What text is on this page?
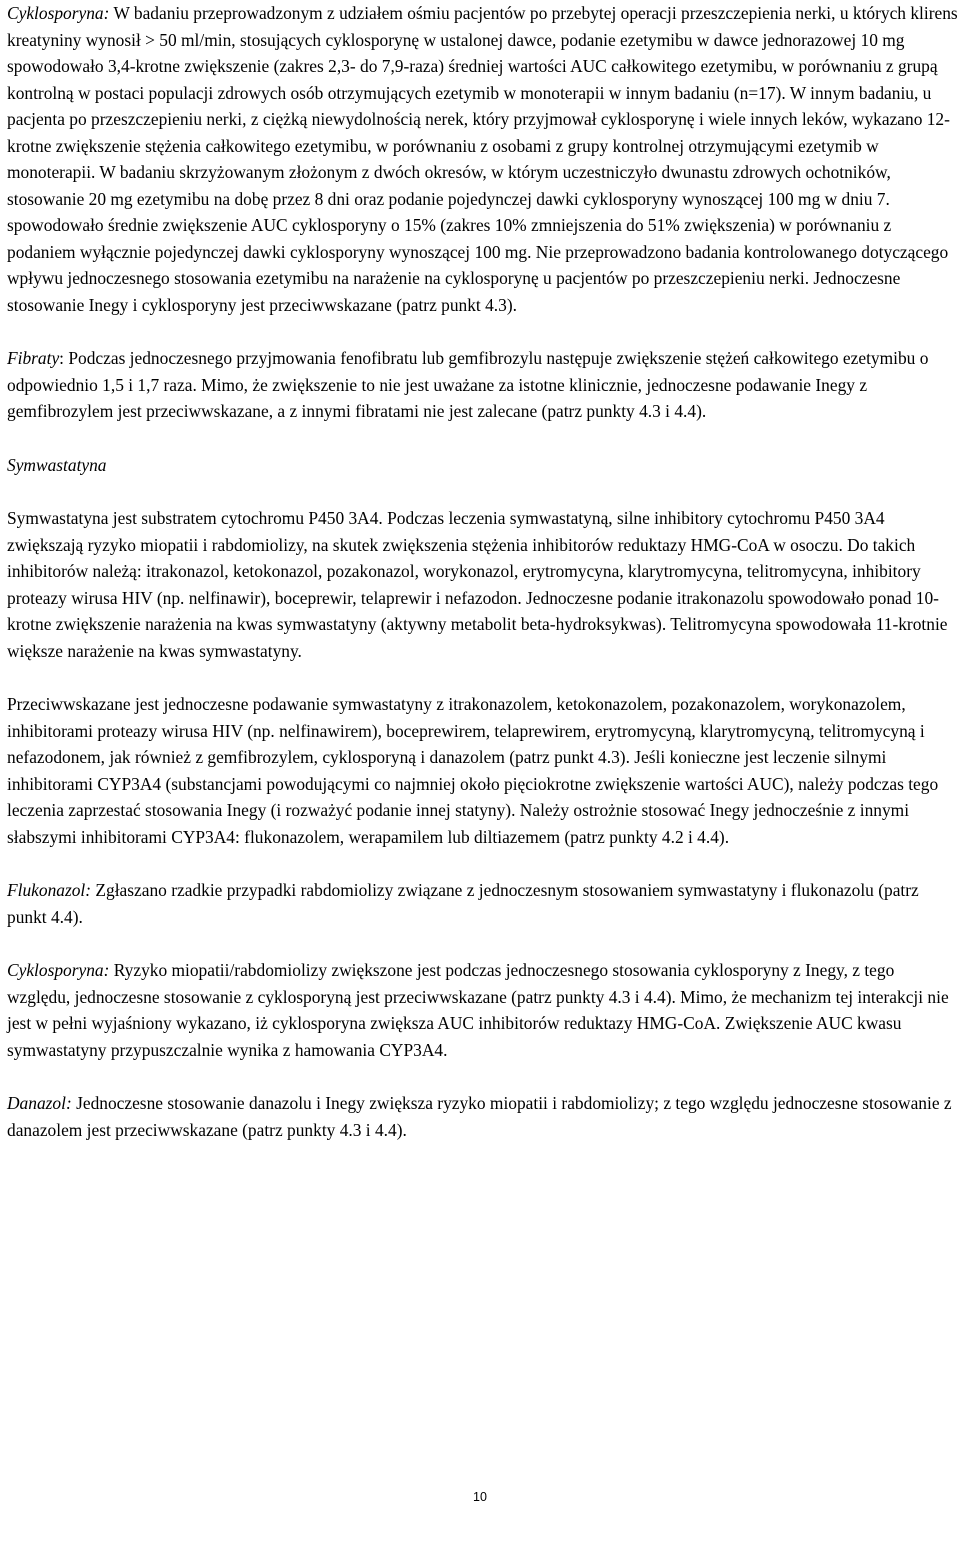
Cyklosporyna: W badaniu przeprowadzonym z udziałem ośmiu pacjentów po przebytej operacji przeszczepienia nerki, u których klirens kreatyniny wynosił > 50 ml/min, stosujących cyklosporynę w ustalonej dawce, podanie ezetymibu w dawce jednorazowej 10 mg spowodowało 3,4-krotne zwiększenie (zakres 2,3- do 7,9-raza) średniej wartości AUC całkowitego ezetymibu, w porównaniu z grupą kontrolną w postaci populacji zdrowych osób otrzymujących ezetymib w monoterapii w innym badaniu (n=17). W innym badaniu, u pacjenta po przeszczepieniu nerki, z ciężką niewydolnością nerek, który przyjmował cyklosporynę i wiele innych leków, wykazano 12-krotne zwiększenie stężenia całkowitego ezetymibu, w porównaniu z osobami z grupy kontrolnej otrzymującymi ezetymib w monoterapii. W badaniu skrzyżowanym złożonym z dwóch okresów, w którym uczestniczyło dwunastu zdrowych ochotników, stosowanie 20 mg ezetymibu na dobę przez 8 dni oraz podanie pojedynczej dawki cyklosporyny wynoszącej 100 mg w dniu 7. spowodowało średnie zwiększenie AUC cyklosporyny o 15% (zakres 10% zmniejszenia do 51% zwiększenia) w porównaniu z podaniem wyłącznie pojedynczej dawki cyklosporyny wynoszącej 100 mg. Nie przeprowadzono badania kontrolowanego dotyczącego wpływu jednoczesnego stosowania ezetymibu na narażenie na cyklosporynę u pacjentów po przeszczepieniu nerki. Jednoczesne stosowanie Inegy i cyklosporyny jest przeciwwskazane (patrz punkt 4.3).

Fibraty: Podczas jednoczesnego przyjmowania fenofibratu lub gemfibrozylu następuje zwiększenie stężeń całkowitego ezetymibu o odpowiednio 1,5 i 1,7 raza. Mimo, że zwiększenie to nie jest uważane za istotne klinicznie, jednoczesne podawanie Inegy z gemfibrozylem jest przeciwwskazane, a z innymi fibratami nie jest zalecane (patrz punkty 4.3 i 4.4).

Symwastatyna

Symwastatyna jest substratem cytochromu P450 3A4. Podczas leczenia symwastatyną, silne inhibitory cytochromu P450 3A4 zwiększają ryzyko miopatii i rabdomiolizy, na skutek zwiększenia stężenia inhibitorów reduktazy HMG-CoA w osoczu. Do takich inhibitorów należą: itrakonazol, ketokonazol, pozakonazol, worykonazol, erytromycyna, klarytromycyna, telitromycyna, inhibitory proteazy wirusa HIV (np. nelfinawir), boceprewir, telaprewir i nefazodon. Jednoczesne podanie itrakonazolu spowodowało ponad 10-krotne zwiększenie narażenia na kwas symwastatyny (aktywny metabolit beta-hydroksykwas). Telitromycyna spowodowała 11-krotnie większe narażenie na kwas symwastatyny.

Przeciwwskazane jest jednoczesne podawanie symwastatyny z itrakonazolem, ketokonazolem, pozakonazolem, worykonazolem, inhibitorami proteazy wirusa HIV (np. nelfinawirem), boceprewirem, telaprewirem, erytromycyną, klarytromycyną, telitromycyną i nefazodonem, jak również z gemfibrozylem, cyklosporyną i danazolem (patrz punkt 4.3). Jeśli konieczne jest leczenie silnymi inhibitorami CYP3A4 (substancjami powodującymi co najmniej około pięciokrotne zwiększenie wartości AUC), należy podczas tego leczenia zaprzestać stosowania Inegy (i rozważyć podanie innej statyny). Należy ostrożnie stosować Inegy jednocześnie z innymi słabszymi inhibitorami CYP3A4: flukonazolem, werapamilem lub diltiazemem (patrz punkty 4.2 i 4.4).

Flukonazol: Zgłaszano rzadkie przypadki rabdomiolizy związane z jednoczesnym stosowaniem symwastatyny i flukonazolu (patrz punkt 4.4).

Cyklosporyna: Ryzyko miopatii/rabdomiolizy zwiększone jest podczas jednoczesnego stosowania cyklosporyny z Inegy, z tego względu, jednoczesne stosowanie z cyklosporyną jest przeciwwskazane (patrz punkty 4.3 i 4.4). Mimo, że mechanizm tej interakcji nie jest w pełni wyjaśniony wykazano, iż cyklosporyna zwiększa AUC inhibitorów reduktazy HMG-CoA. Zwiększenie AUC kwasu symwastatyny przypuszczalnie wynika z hamowania CYP3A4.

Danazol: Jednoczesne stosowanie danazolu i Inegy zwiększa ryzyko miopatii i rabdomiolizy; z tego względu jednoczesne stosowanie z danazolem jest przeciwwskazane (patrz punkty 4.3 i 4.4).

10
